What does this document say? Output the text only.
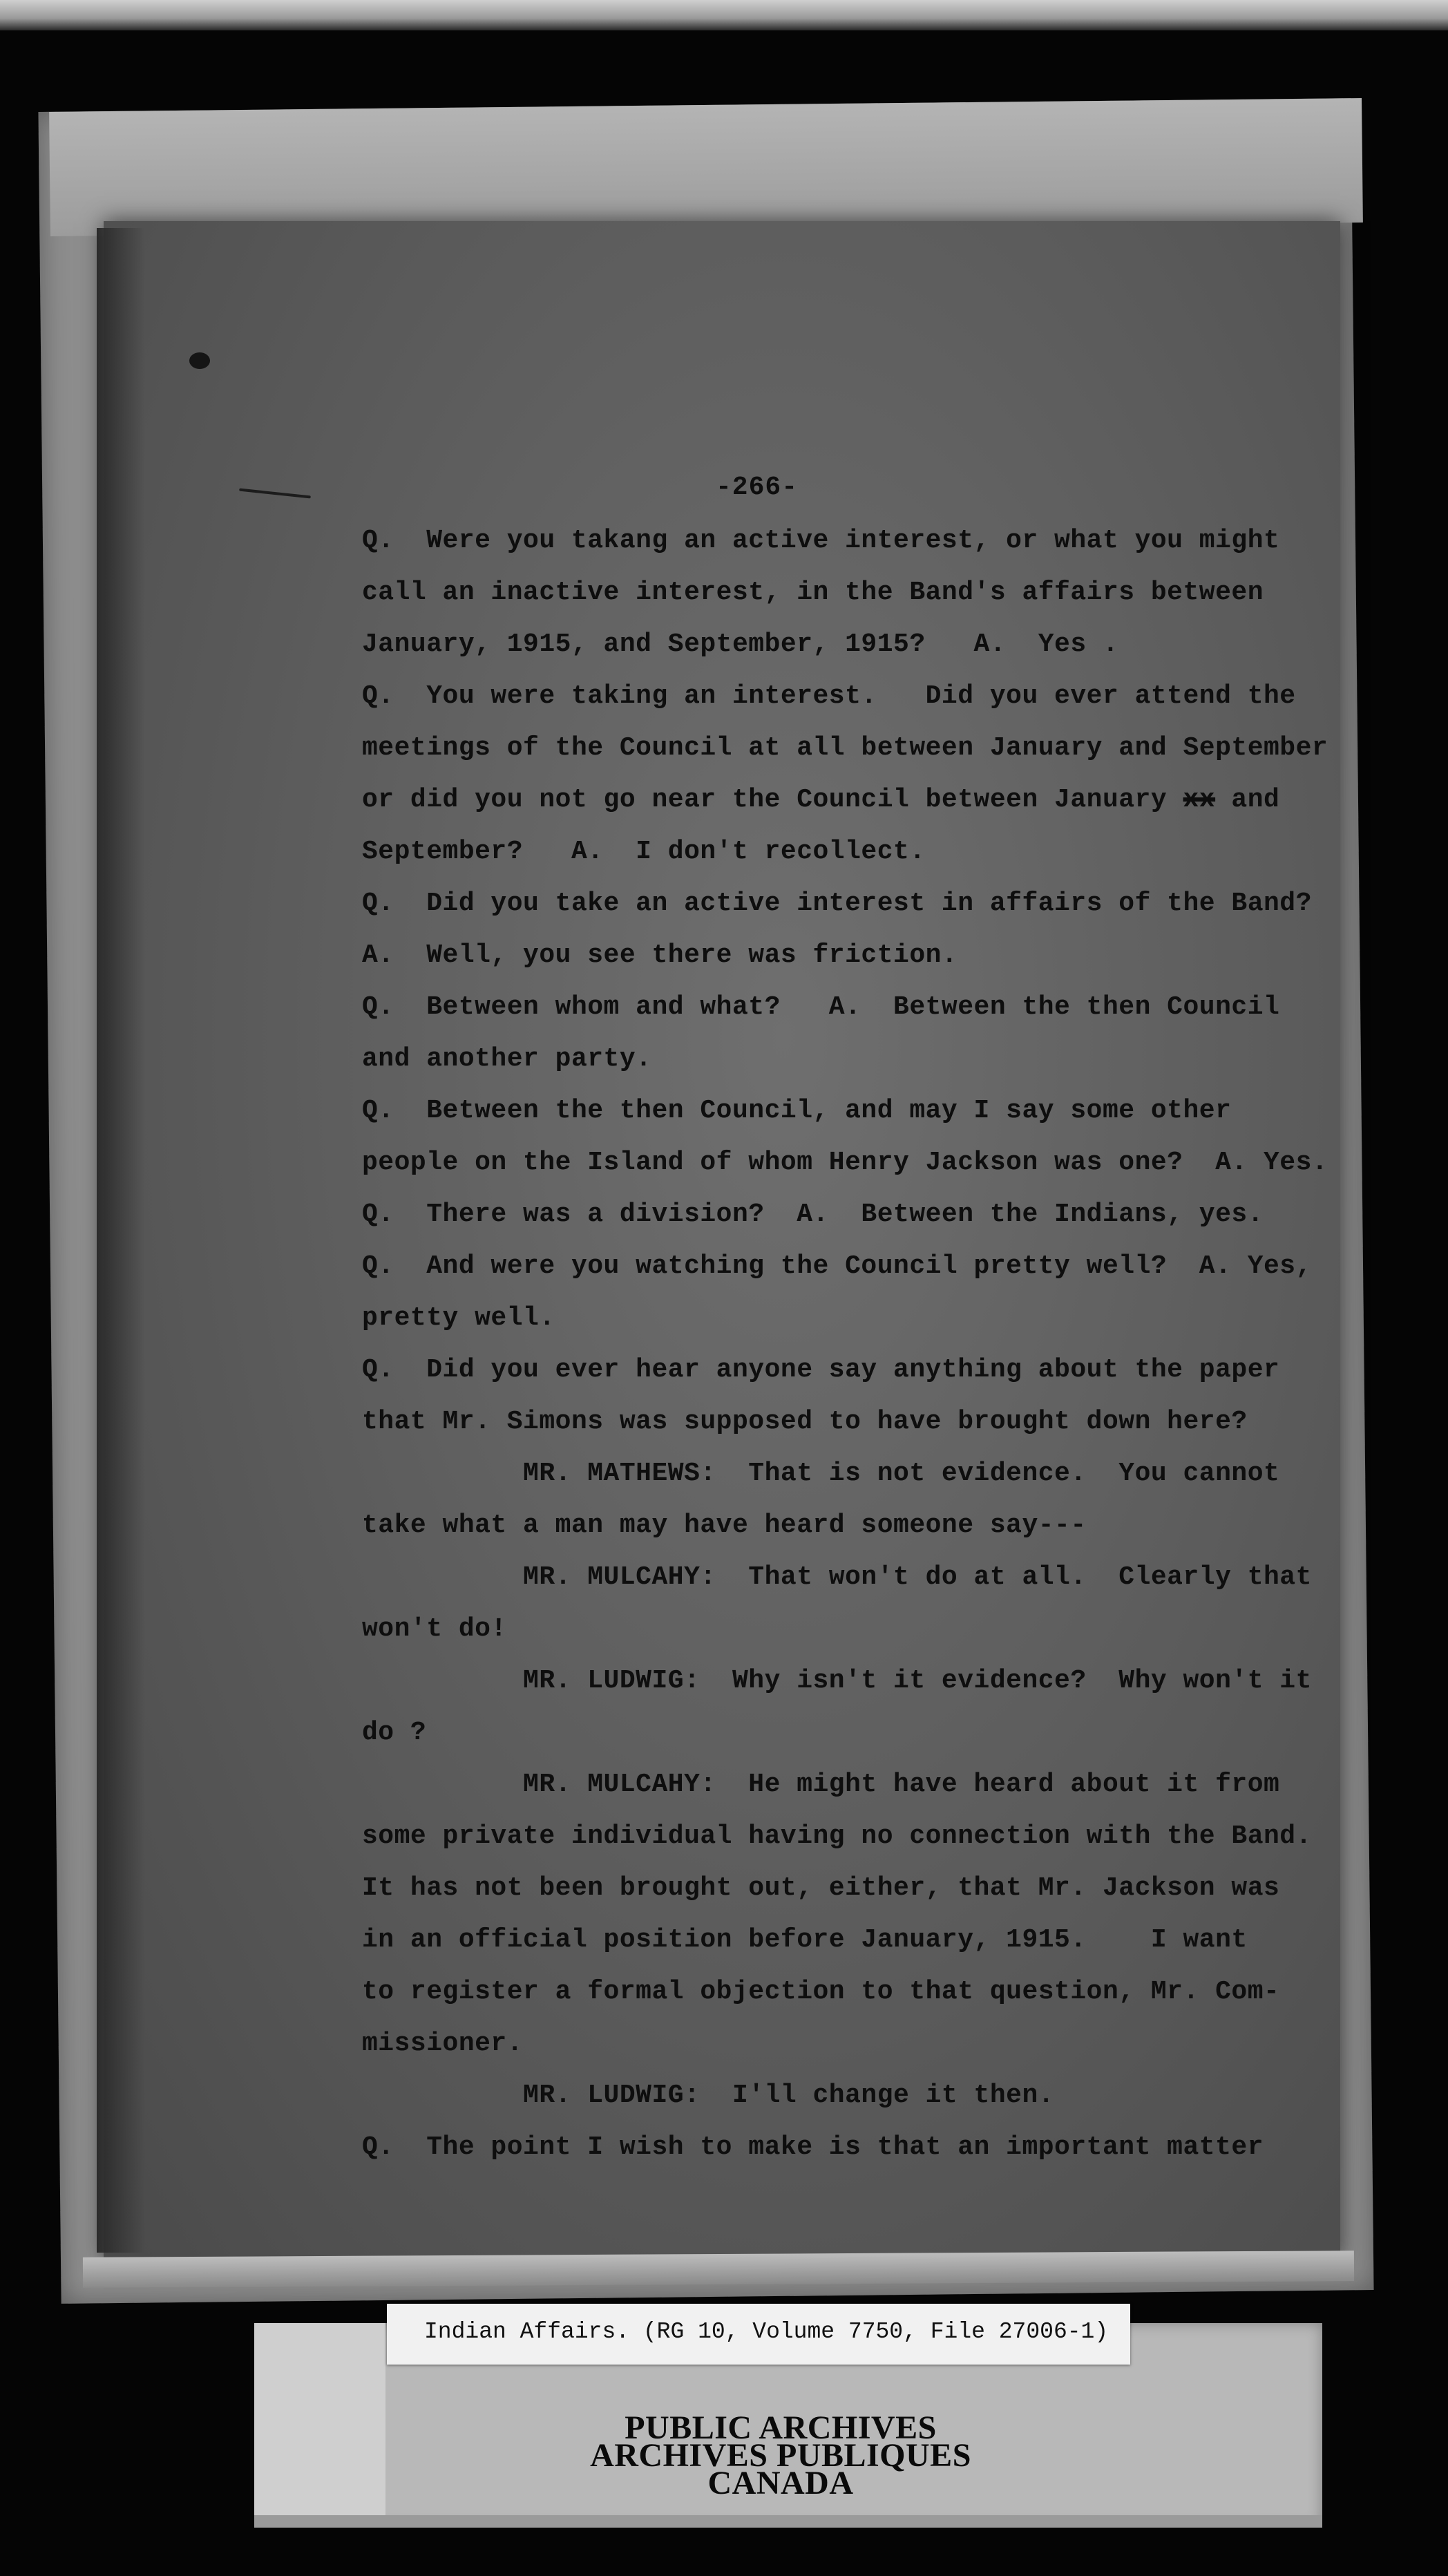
-266-
Q.  Were you takang an active interest, or what you might
call an inactive interest, in the Band's affairs between
January, 1915, and September, 1915?   A.  Yes .
Q.  You were taking an interest.   Did you ever attend the
meetings of the Council at all between January and September
or did you not go near the Council between January xx and
September?   A.  I don't recollect.
Q.  Did you take an active interest in affairs of the Band?
A.  Well, you see there was friction.
Q.  Between whom and what?   A.  Between the then Council
and another party.
Q.  Between the then Council, and may I say some other
people on the Island of whom Henry Jackson was one?  A. Yes.
Q.  There was a division?  A.  Between the Indians, yes.
Q.  And were you watching the Council pretty well?  A. Yes,
pretty well.
Q.  Did you ever hear anyone say anything about the paper
that Mr. Simons was supposed to have brought down here?
MR. MATHEWS:  That is not evidence.  You cannot
take what a man may have heard someone say---
MR. MULCAHY:  That won't do at all.  Clearly that
won't do!
MR. LUDWIG:  Why isn't it evidence?  Why won't it
do ?
MR. MULCAHY:  He might have heard about it from
some private individual having no connection with the Band.
It has not been brought out, either, that Mr. Jackson was
in an official position before January, 1915.    I want
to register a formal objection to that question, Mr. Com-
missioner.
MR. LUDWIG:  I'll change it then.
Q.  The point I wish to make is that an important matter
Indian Affairs. (RG 10, Volume 7750, File 27006-1)
PUBLIC ARCHIVES
ARCHIVES PUBLIQUES
CANADA
